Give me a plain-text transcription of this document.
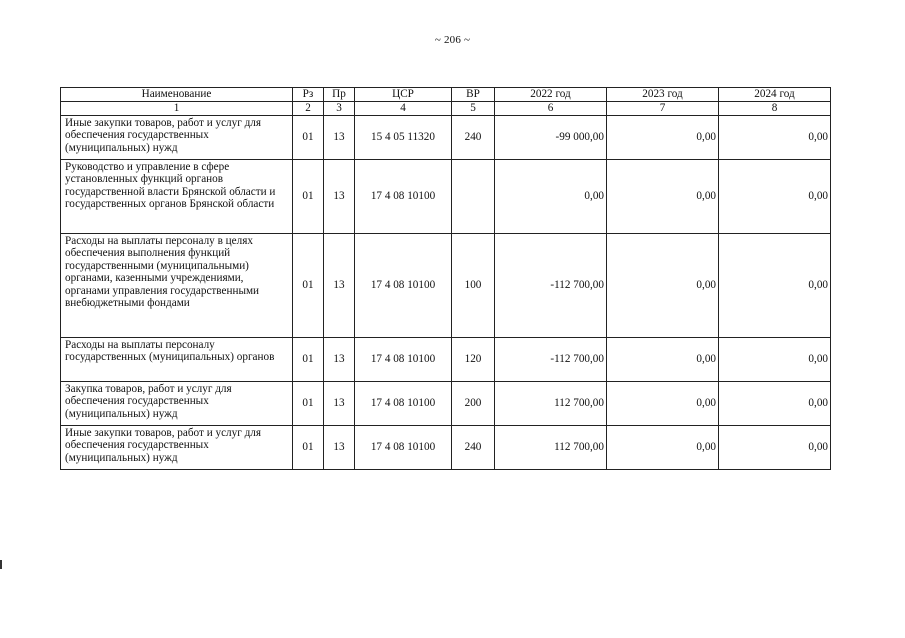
~ 206 ~
Наименование	Рз	Пр	ЦСР	ВР	2022 год	2023 год	2024 год
1	2	3	4	5	6	7	8
Иные закупки товаров, работ и услуг для обеспечения государственных (муниципальных) нужд	01	13	15 4 05 11320	240	-99 000,00	0,00	0,00
Руководство и управление в сфере установленных функций органов государственной власти Брянской области и государственных органов Брянской области	01	13	17 4 08 10100		0,00	0,00	0,00
Расходы на выплаты персоналу в целях обеспечения выполнения функций государственными (муниципальными) органами, казенными учреждениями, органами управления государственными внебюджетными фондами	01	13	17 4 08 10100	100	-112 700,00	0,00	0,00
Расходы на выплаты персоналу государственных (муниципальных) органов	01	13	17 4 08 10100	120	-112 700,00	0,00	0,00
Закупка товаров, работ и услуг для обеспечения государственных (муниципальных) нужд	01	13	17 4 08 10100	200	112 700,00	0,00	0,00
Иные закупки товаров, работ и услуг для обеспечения государственных (муниципальных) нужд	01	13	17 4 08 10100	240	112 700,00	0,00	0,00
